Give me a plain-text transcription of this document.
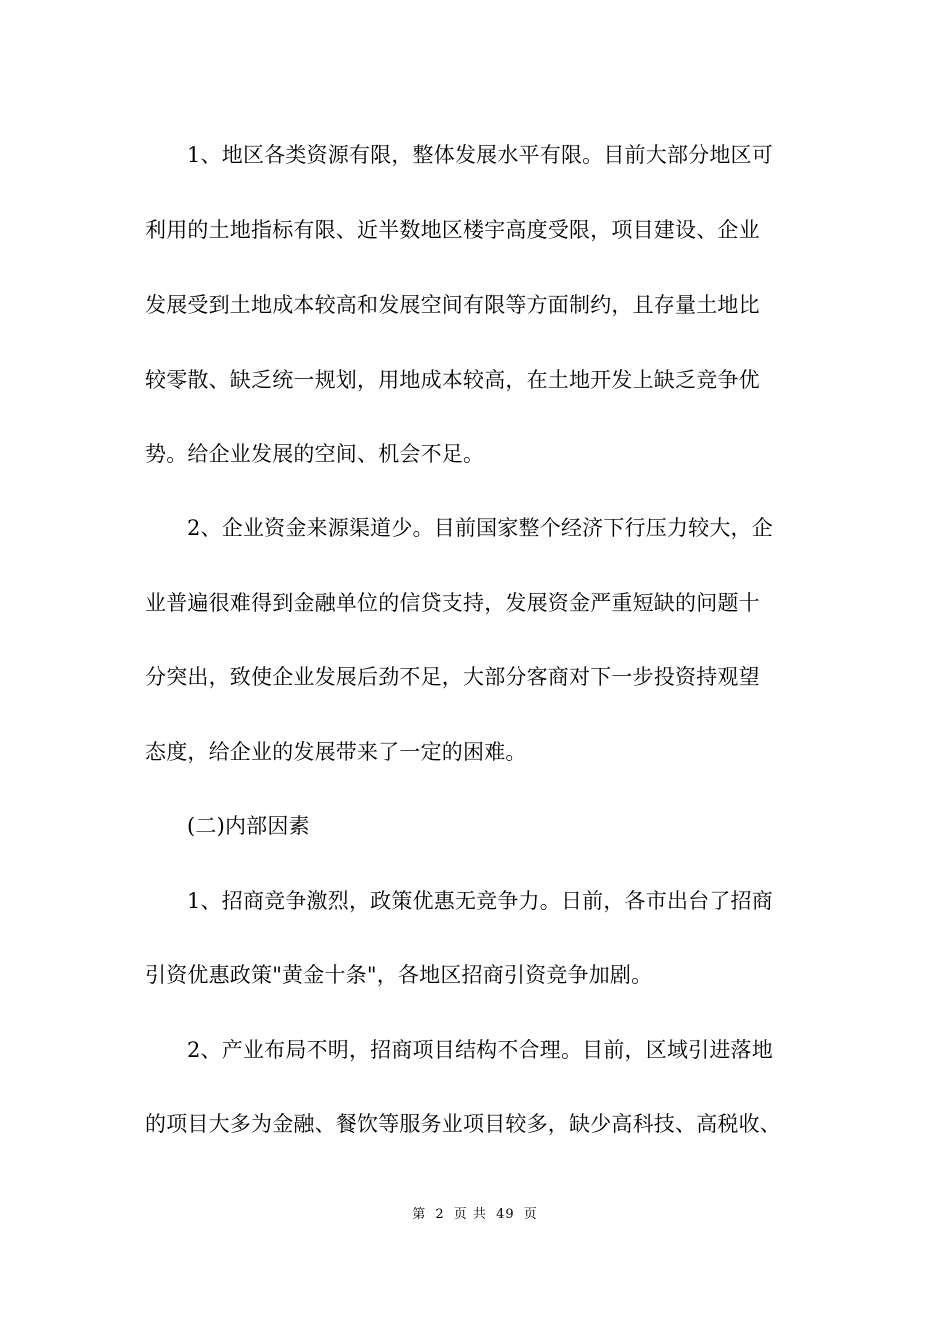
1、地区各类资源有限，整体发展水平有限。目前大部分地区可
利用的土地指标有限、近半数地区楼宇高度受限，项目建设、企业
发展受到土地成本较高和发展空间有限等方面制约，且存量土地比
较零散、缺乏统一规划，用地成本较高，在土地开发上缺乏竞争优
势。给企业发展的空间、机会不足。
2、企业资金来源渠道少。目前国家整个经济下行压力较大，企
业普遍很难得到金融单位的信贷支持，发展资金严重短缺的问题十
分突出，致使企业发展后劲不足，大部分客商对下一步投资持观望
态度，给企业的发展带来了一定的困难。
(二)内部因素
1、招商竞争激烈，政策优惠无竞争力。日前，各市出台了招商
引资优惠政策"黄金十条"，各地区招商引资竞争加剧。
2、产业布局不明，招商项目结构不合理。目前，区域引进落地
的项目大多为金融、餐饮等服务业项目较多，缺少高科技、高税收、
第 2 页 共 49 页
